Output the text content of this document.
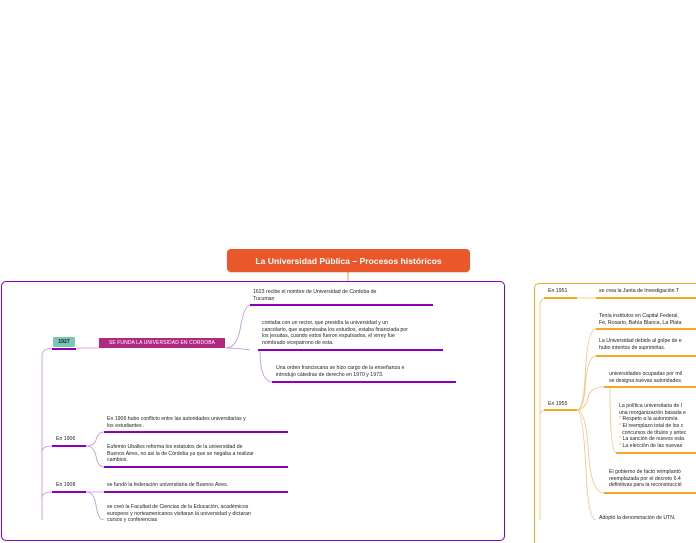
La Universidad Pública – Procesos históricos
1927	SE FUNDA LA UNIVERSIDAD EN CORDOBA
1623 recibe el nombre de Universidad de Cordoba de
Tucuman
contaba con un rector, que presidía la universidad y un
cancelario, que supervisaba los estudios, estaba financiada por
los jesuitas, cuando estos fueron expulsados, el virrey fue
nombrado vicepatrono de esta.
Una orden franciscana se hizo cargo de la enseñanza e
introdujo cátedras de derecho en 1970 y 1973.
En 1906
En 1906 hubo conflicto entre las autoridades universitarias y
los estudiantes .
Eufemio Uballes reforma los estatutos de la universidad de
Buenos Aires, no asi la de Córdoba ya que se negaba a realizar
cambios.
En 1908	se fundó la federación universitaria de Buenos Aires.
se creó la Facultad de Ciencias de la Educación, académicos
europeos y norteamericanos visitaran la universidad y dictaran
cursos y conferencias
En 1951	se crea la Junta de Investigación T
Tenía institutos en Capital Federal,
Fe, Rosario, Bahía Blanca, La Plata
La Universidad debido al golpe de e
hubo intentos de suprimirlas.
En 1955
universidades ocupadas por mil
se designa nuevas autoridades.
La política universitaria de l
una reorganización basada e
* Respeto a la autonomía
* El reemplazo total de los c
concursos de títulos y antec
* La sanción de nuevos esta
* La elección de las nuevas
El gobierno de facto reimplantó
reemplazada por el decreto 6.4
definitivas para la reconstrucció
Adoptó la denominación de UTN.
